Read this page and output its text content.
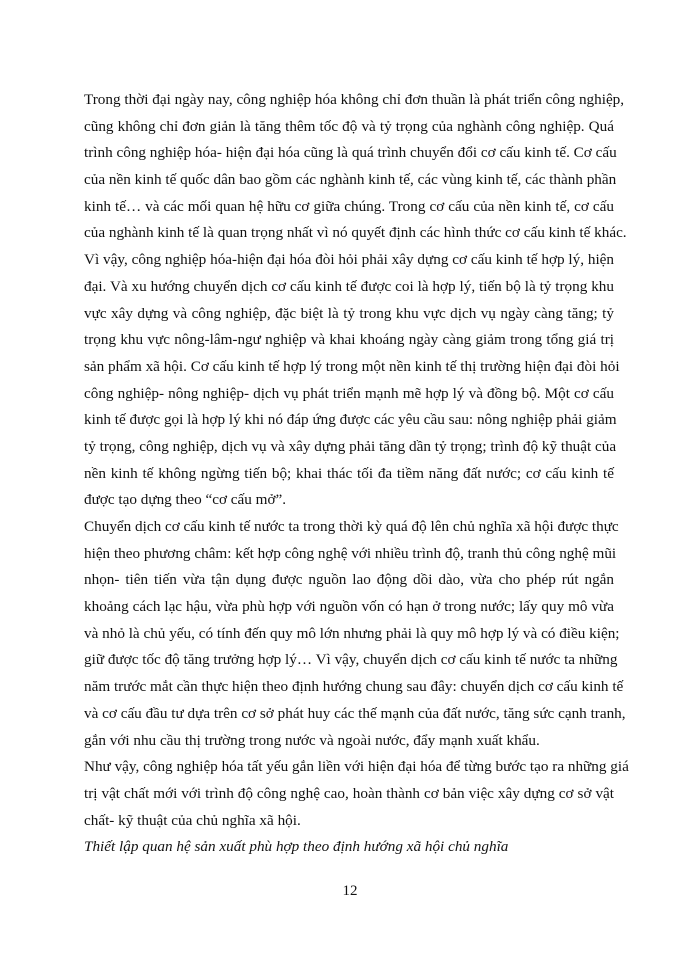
Trong thời đại ngày nay, công nghiệp hóa không chỉ đơn thuần là phát triển công nghiệp,
cũng không chỉ đơn giản là tăng thêm tốc độ và tỷ trọng của nghành công nghiệp. Quá
trình công nghiệp hóa- hiện đại hóa cũng là quá trình chuyển đổi cơ cấu kinh tế. Cơ cấu
của nền kinh tế quốc dân bao gồm các nghành kinh tế, các vùng kinh tế, các thành phần
kinh tế… và các mối quan hệ hữu cơ giữa chúng. Trong cơ cấu của nền kinh tế, cơ cấu
của nghành kinh tế là quan trọng nhất vì nó quyết định các hình thức cơ cấu kinh tế khác.
Vì vậy, công nghiệp hóa-hiện đại hóa đòi hỏi phải xây dựng cơ cấu kinh tế hợp lý, hiện
đại. Và xu hướng chuyển dịch cơ cấu kinh tế được coi là hợp lý, tiến bộ là tỷ trọng khu
vực xây dựng và công nghiệp, đặc biệt là tỷ trong khu vực dịch vụ ngày càng tăng; tỷ
trọng khu vực nông-lâm-ngư nghiệp và khai khoáng ngày càng giảm trong tổng giá trị
sản phẩm xã hội. Cơ cấu kinh tế hợp lý trong một nền kinh tế thị trường hiện đại đòi hỏi
công nghiệp- nông nghiệp- dịch vụ phát triển mạnh mẽ hợp lý và đồng bộ. Một cơ cấu
kinh tế được gọi là hợp lý khi nó đáp ứng được các yêu cầu sau: nông nghiệp phải giảm
tỷ trọng, công nghiệp, dịch vụ và xây dựng phải tăng dần tỷ trọng; trình độ kỹ thuật của
nền kinh tế không ngừng tiến bộ; khai thác tối đa tiềm năng đất nước; cơ cấu kinh tế
được tạo dựng theo “cơ cấu mở”.
Chuyển dịch cơ cấu kinh tế nước ta trong thời kỳ quá độ lên chủ nghĩa xã hội được thực
hiện theo phương châm: kết hợp công nghệ với nhiều trình độ, tranh thủ công nghệ mũi
nhọn- tiên tiến vừa tận dụng được nguồn lao động dồi dào, vừa cho phép rút ngắn
khoảng cách lạc hậu, vừa phù hợp với nguồn vốn có hạn ở trong nước; lấy quy mô vừa
và nhỏ là chủ yếu, có tính đến quy mô lớn nhưng phải là quy mô hợp lý và có điều kiện;
giữ được tốc độ tăng trưởng hợp lý… Vì vậy, chuyển dịch cơ cấu kinh tế nước ta những
năm trước mắt cần thực hiện theo định hướng chung sau đây: chuyển dịch cơ cấu kinh tế
và cơ cấu đầu tư dựa trên cơ sở phát huy các thế mạnh của đất nước, tăng sức cạnh tranh,
gắn với nhu cầu thị trường trong nước và ngoài nước, đẩy mạnh xuất khẩu.
Như vậy, công nghiệp hóa tất yếu gắn liền với hiện đại hóa để từng bước tạo ra những giá
trị vật chất mới với trình độ công nghệ cao, hoàn thành cơ bản việc xây dựng cơ sở vật
chất- kỹ thuật của chủ nghĩa xã hội.
Thiết lập quan hệ sản xuất phù hợp theo định hướng xã hội chủ nghĩa
12
